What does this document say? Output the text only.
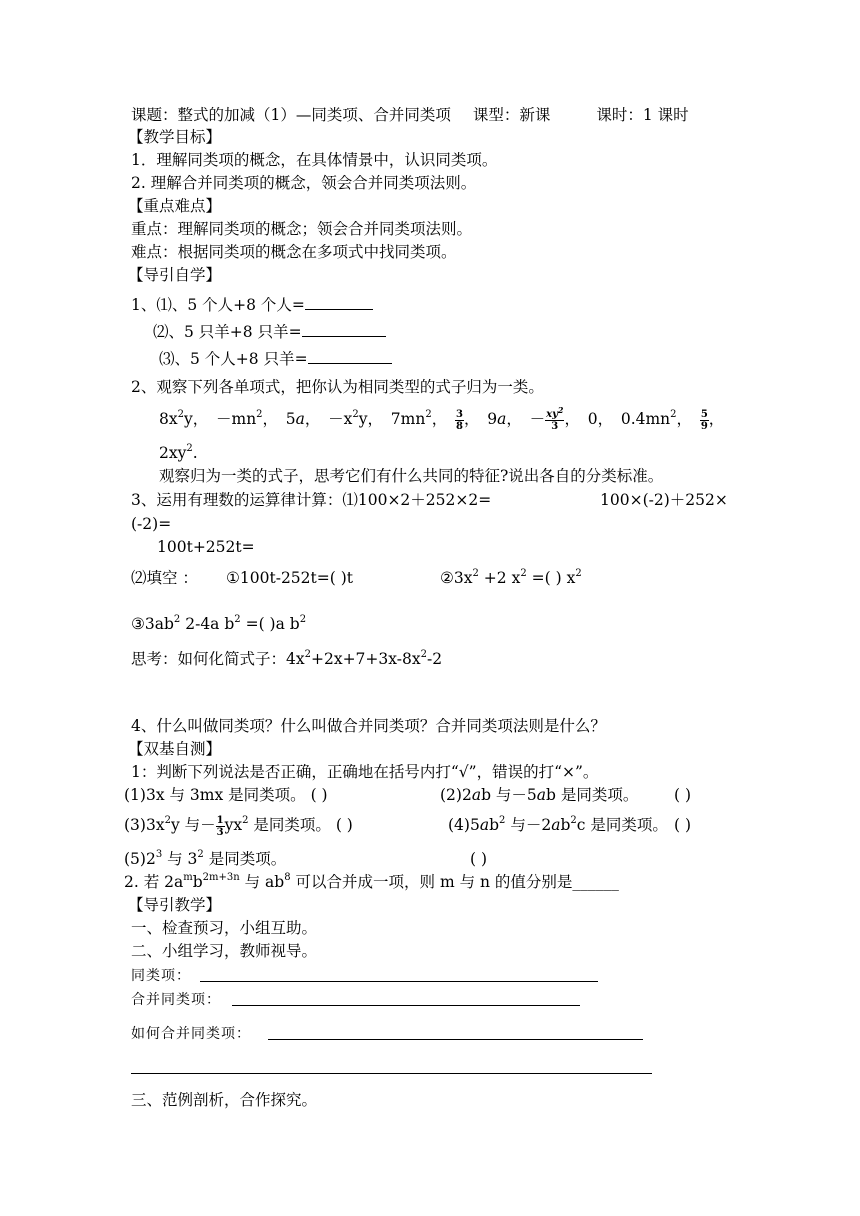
课题：整式的加减（1）—同类项、合并同类项 课型：新课	课时：1 课时
【教学目标】
1．理解同类项的概念，在具体情景中，认识同类项。
2. 理解合并同类项的概念，领会合并同类项法则。
【重点难点】
重点：理解同类项的概念；领会合并同类项法则。
难点：根据同类项的概念在多项式中找同类项。
【导引自学】
1、⑴、5 个人+8 个人=
⑵、5 只羊+8 只羊=
⑶、5 个人+8 只羊=
2、观察下列各单项式，把你认为相同类型的式子归为一类。
$8x^2y$，　$-mn^2$，　5a，　$-x^2y$，　$7mn^2$，　 $\frac{3}{8}$ ，　9a，　－ $\frac{xy^2}{3}$ ，　0，　$0.4mn^2$，　 $\frac{5}{9}$ ，
$2xy^2$.
观察归为一类的式子，思考它们有什么共同的特征?说出各自的分类标准。
3、运用有理数的运算律计算：⑴100×2＋252×2=	100×(-2)＋252×
(-2)=
100t+252t=
⑵填空 ： ①100t-252t=( )t	$②3x^2 +2$ $x^2$ =( ) $x^2$
$③3ab^2$ 2-4a $b^2$ =( )a $b^2$
思考：如何化简式子：$4x^2+2x+7+3x-8x^2-2$
4、什么叫做同类项？什么叫做合并同类项？合并同类项法则是什么？
【双基自测】
1：判断下列说法是否正确，正确地在括号内打“√”，错误的打“×”。
(1)3x 与 3mx 是同类项。 ( )	(2)2ab 与－5ab 是同类项。 ( )
$(3)3x^2y$ 与－ $\frac{1}{3} yx^2$ 是同类项。 ( )	$(4)5ab^2$ 与$-2ab^2c$ 是同类项。 ( )
$(5)2^3$ 与 $3^2$ 是同类项。	( )
2. 若 $2a^mb^{2m+3n}$ 与 $ab^8$ 可以合并成一项，则 m 与 n 的值分别是______
【导引教学】
一、检查预习，小组互助。
二、小组学习，教师视导。
同类项：
合并同类项：
如何合并同类项：
三、范例剖析，合作探究。
